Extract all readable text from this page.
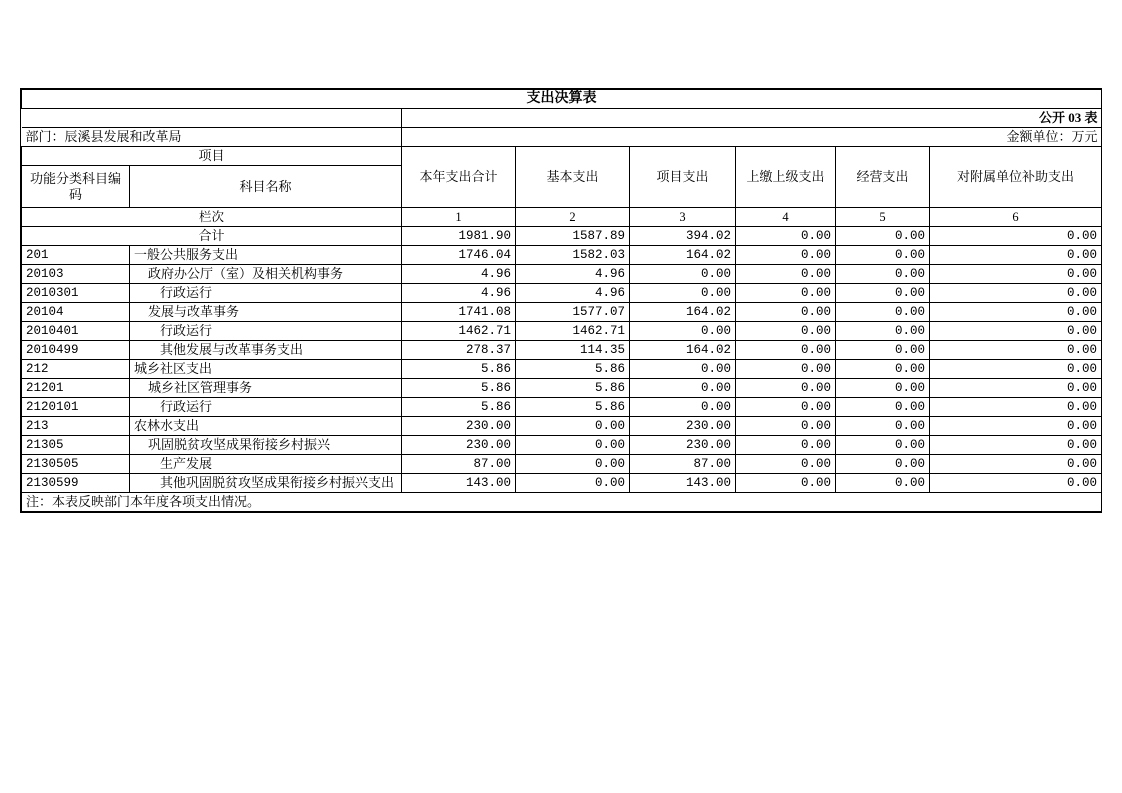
支出决算表							
		公开 03 表					
部门：辰溪县发展和改革局		金额单位：万元					
项目		本年支出合计	基本支出	项目支出	上缴上级支出	经营支出	对附属单位补助支出
功能分类科目编码	科目名称						
栏次		1	2	3	4	5	6
合计		1981.90	1587.89	394.02	0.00	0.00	0.00
201	一般公共服务支出	1746.04	1582.03	164.02	0.00	0.00	0.00
20103	政府办公厅（室）及相关机构事务	4.96	4.96	0.00	0.00	0.00	0.00
2010301	行政运行	4.96	4.96	0.00	0.00	0.00	0.00
20104	发展与改革事务	1741.08	1577.07	164.02	0.00	0.00	0.00
2010401	行政运行	1462.71	1462.71	0.00	0.00	0.00	0.00
2010499	其他发展与改革事务支出	278.37	114.35	164.02	0.00	0.00	0.00
212	城乡社区支出	5.86	5.86	0.00	0.00	0.00	0.00
21201	城乡社区管理事务	5.86	5.86	0.00	0.00	0.00	0.00
2120101	行政运行	5.86	5.86	0.00	0.00	0.00	0.00
213	农林水支出	230.00	0.00	230.00	0.00	0.00	0.00
21305	巩固脱贫攻坚成果衔接乡村振兴	230.00	0.00	230.00	0.00	0.00	0.00
2130505	生产发展	87.00	0.00	87.00	0.00	0.00	0.00
2130599	其他巩固脱贫攻坚成果衔接乡村振兴支出	143.00	0.00	143.00	0.00	0.00	0.00
注：本表反映部门本年度各项支出情况。							
